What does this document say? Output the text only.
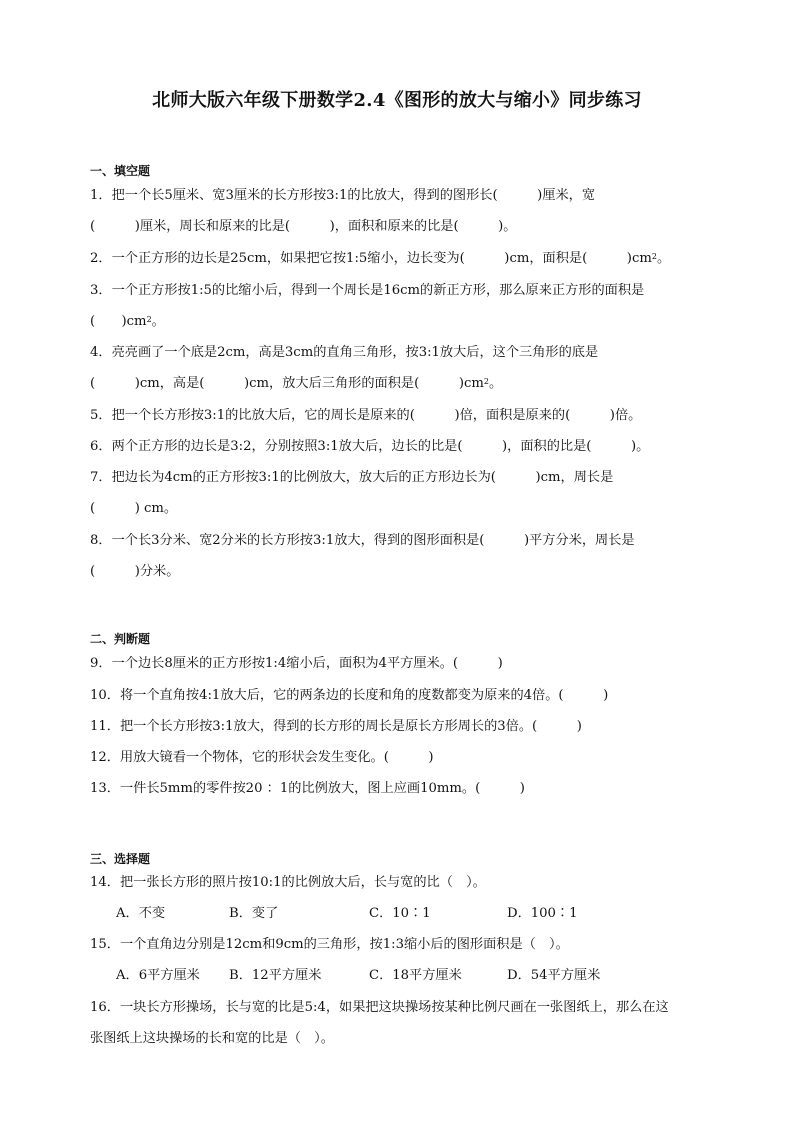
北师大版六年级下册数学2.4《图形的放大与缩小》同步练习
一、填空题
1．把一个长5厘米、宽3厘米的长方形按3:1的比放大，得到的图形长(　　　)厘米，宽
(　　　)厘米，周长和原来的比是(　　　)，面积和原来的比是(　　　)。
2．一个正方形的边长是25cm，如果把它按1:5缩小，边长变为(　　　)cm，面积是(　　　)$cm^2$。
3．一个正方形按1:5的比缩小后，得到一个周长是16cm的新正方形，那么原来正方形的面积是
(　　)$cm^2$。
4．亮亮画了一个底是2cm，高是3cm的直角三角形，按3:1放大后，这个三角形的底是
(　　　)cm，高是(　　　)cm，放大后三角形的面积是(　　　)$cm^2$。
5．把一个长方形按3:1的比放大后，它的周长是原来的(　　　)倍，面积是原来的(　　　)倍。
6．两个正方形的边长是3:2，分别按照3:1放大后，边长的比是(　　　)，面积的比是(　　　)。
7．把边长为4cm的正方形按3:1的比例放大，放大后的正方形边长为(　　　)cm，周长是
(　　　) cm。
8．一个长3分米、宽2分米的长方形按3:1放大，得到的图形面积是(　　　)平方分米，周长是
(　　　)分米。
二、判断题
9．一个边长8厘米的正方形按1:4缩小后，面积为4平方厘米。(　　　)
10．将一个直角按4:1放大后，它的两条边的长度和角的度数都变为原来的4倍。(　　　)
11．把一个长方形按3:1放大，得到的长方形的周长是原长方形周长的3倍。(　　　)
12．用放大镜看一个物体，它的形状会发生变化。(　　　)
13．一件长5mm的零件按20 ：1的比例放大，图上应画10mm。(　　　)
三、选择题
14．把一张长方形的照片按10:1的比例放大后，长与宽的比（　）。
A．不变	B．变了	C．10∶1	D．100∶1
15．一个直角边分别是12cm和9cm的三角形，按1:3缩小后的图形面积是（　）。
A．6平方厘米 B．12平方厘米	C．18平方厘米	D．54平方厘米
16．一块长方形操场，长与宽的比是5:4，如果把这块操场按某种比例尺画在一张图纸上，那么在这
张图纸上这块操场的长和宽的比是（　）。
